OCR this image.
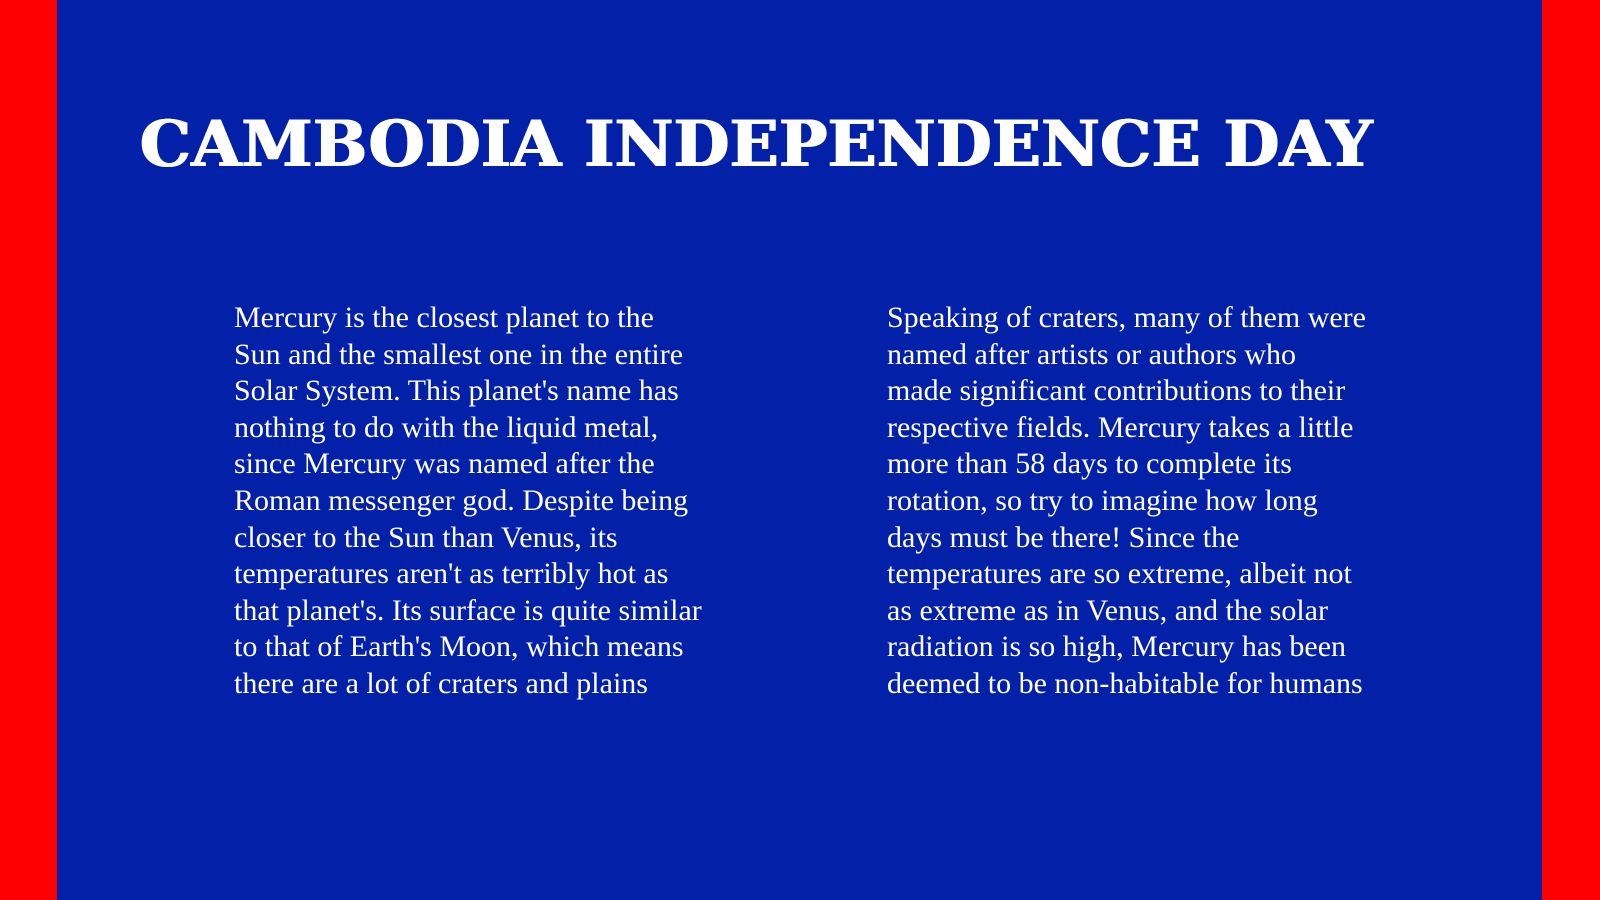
CAMBODIA INDEPENDENCE DAY

Mercury is the closest planet to the Sun and the smallest one in the entire Solar System. This planet's name has nothing to do with the liquid metal, since Mercury was named after the Roman messenger god. Despite being closer to the Sun than Venus, its temperatures aren't as terribly hot as that planet's. Its surface is quite similar to that of Earth's Moon, which means there are a lot of craters and plains

Speaking of craters, many of them were named after artists or authors who made significant contributions to their respective fields. Mercury takes a little more than 58 days to complete its rotation, so try to imagine how long days must be there! Since the temperatures are so extreme, albeit not as extreme as in Venus, and the solar radiation is so high, Mercury has been deemed to be non-habitable for humans
